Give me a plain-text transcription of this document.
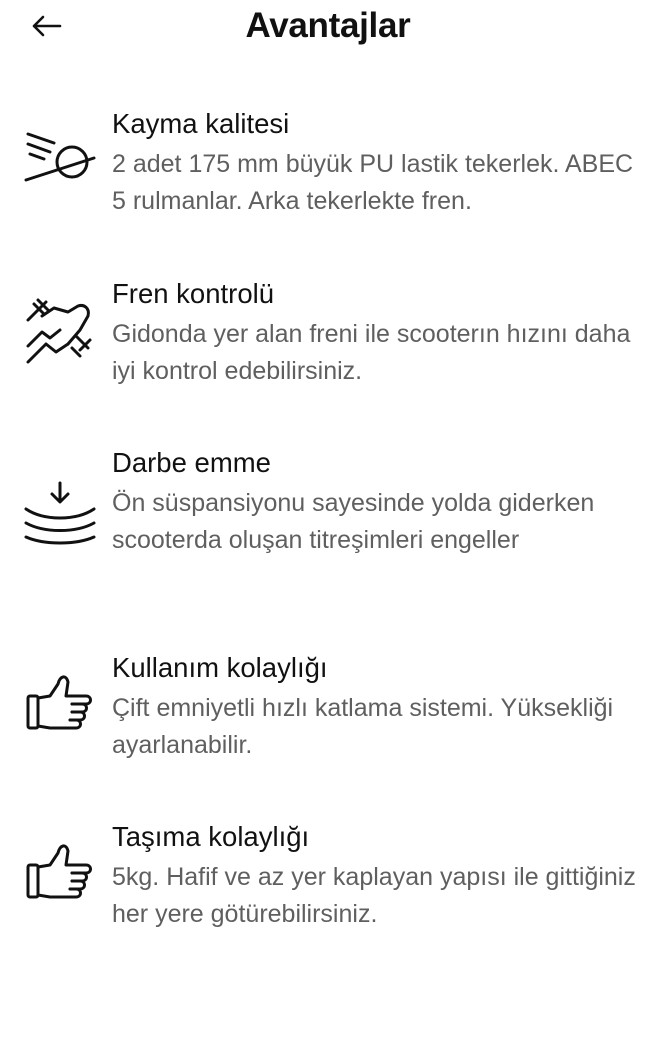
Avantajlar
Kayma kalitesi
2 adet 175 mm büyük PU lastik tekerlek. ABEC 5 rulmanlar. Arka tekerlekte fren.
Fren kontrolü
Gidonda yer alan freni ile scooterın hızını daha iyi kontrol edebilirsiniz.
Darbe emme
Ön süspansiyonu sayesinde yolda giderken scooterda oluşan titreşimleri engeller
Kullanım kolaylığı
Çift emniyetli hızlı katlama sistemi. Yüksekliği ayarlanabilir.
Taşıma kolaylığı
5kg. Hafif ve az yer kaplayan yapısı ile gittiğiniz her yere götürebilirsiniz.
